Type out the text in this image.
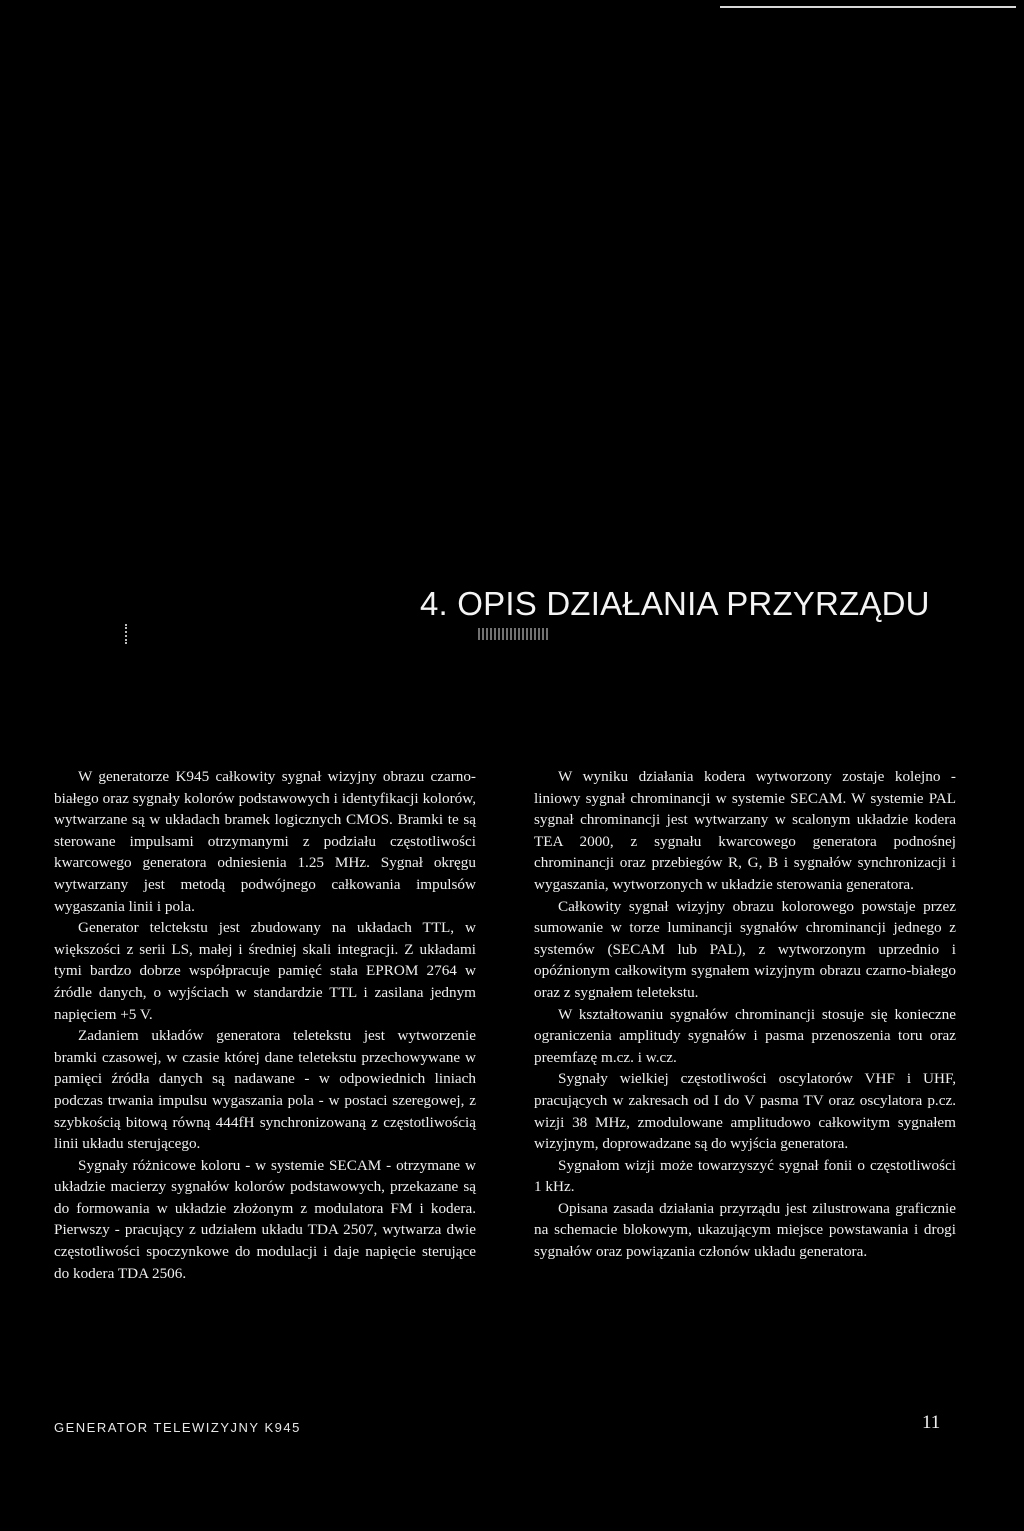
4. OPIS DZIAŁANIA PRZYRZĄDU

W generatorze K945 całkowity sygnał wizyjny obrazu czarno-białego oraz sygnały kolorów podstawowych i identyfikacji kolorów, wytwarzane są w układach bramek logicznych CMOS. Bramki te są sterowane impulsami otrzymanymi z podziału częstotliwości kwarcowego generatora odniesienia 1.25 MHz. Sygnał okręgu wytwarzany jest metodą podwójnego całkowania impulsów wygaszania linii i pola.

Generator telctekstu jest zbudowany na układach TTL, w większości z serii LS, małej i średniej skali integracji. Z układami tymi bardzo dobrze współpracuje pamięć stała EPROM 2764 w źródle danych, o wyjściach w standardzie TTL i zasilana jednym napięciem +5 V.

Zadaniem układów generatora teletekstu jest wytworzenie bramki czasowej, w czasie której dane teletekstu przechowywane w pamięci źródła danych są nadawane - w odpowiednich liniach podczas trwania impulsu wygaszania pola - w postaci szeregowej, z szybkością bitową równą 444fH synchronizowaną z częstotliwością linii układu sterującego.

Sygnały różnicowe koloru - w systemie SECAM - otrzymane w układzie macierzy sygnałów kolorów podstawowych, przekazane są do formowania w układzie złożonym z modulatora FM i kodera. Pierwszy - pracujący z udziałem układu TDA 2507, wytwarza dwie częstotliwości spoczynkowe do modulacji i daje napięcie sterujące do kodera TDA 2506.

W wyniku działania kodera wytworzony zostaje kolejno - liniowy sygnał chrominancji w systemie SECAM. W systemie PAL sygnał chrominancji jest wytwarzany w scalonym układzie kodera TEA 2000, z sygnału kwarcowego generatora podnośnej chrominancji oraz przebiegów R, G, B i sygnałów synchronizacji i wygaszania, wytworzonych w układzie sterowania generatora.

Całkowity sygnał wizyjny obrazu kolorowego powstaje przez sumowanie w torze luminancji sygnałów chrominancji jednego z systemów (SECAM lub PAL), z wytworzonym uprzednio i opóźnionym całkowitym sygnałem wizyjnym obrazu czarno-białego oraz z sygnałem teletekstu.

W kształtowaniu sygnałów chrominancji stosuje się konieczne ograniczenia amplitudy sygnałów i pasma przenoszenia toru oraz preemfazę m.cz. i w.cz.

Sygnały wielkiej częstotliwości oscylatorów VHF i UHF, pracujących w zakresach od I do V pasma TV oraz oscylatora p.cz. wizji 38 MHz, zmodulowane amplitudowo całkowitym sygnałem wizyjnym, doprowadzane są do wyjścia generatora.

Sygnałom wizji może towarzyszyć sygnał fonii o częstotliwości 1 kHz.

Opisana zasada działania przyrządu jest zilustrowana graficznie na schemacie blokowym, ukazującym miejsce powstawania i drogi sygnałów oraz powiązania członów układu generatora.

GENERATOR TELEWIZYJNY K945	11
